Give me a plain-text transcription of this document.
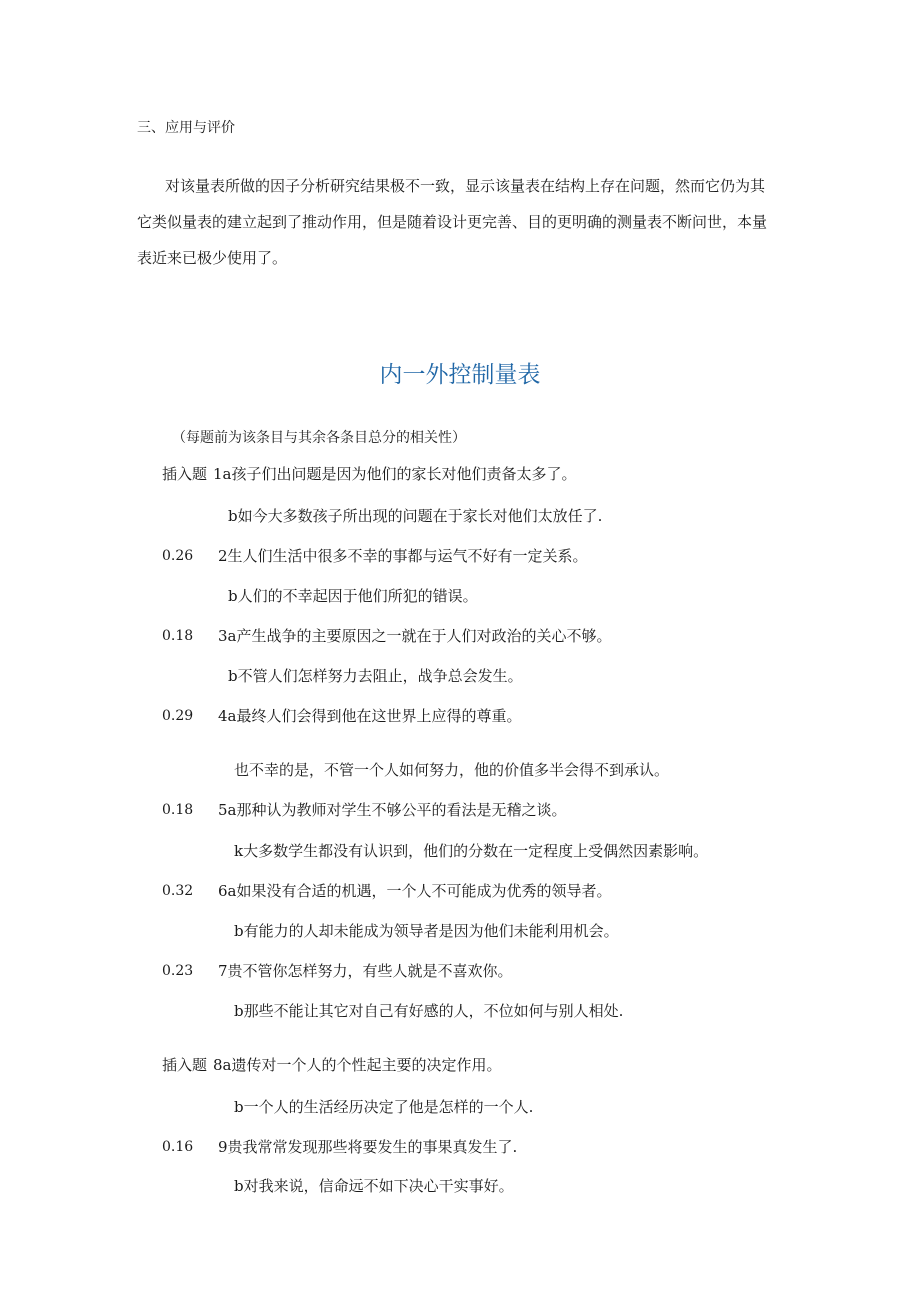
三、应用与评价
对该量表所做的因子分析研究结果极不一致，显示该量表在结构上存在问题，然而它仍为其
它类似量表的建立起到了推动作用，但是随着设计更完善、目的更明确的测量表不断问世，本量
表近来已极少使用了。
内一外控制量表
（每题前为该条目与其余各条目总分的相关性）
插入题 1a孩子们出问题是因为他们的家长对他们责备太多了。
b如今大多数孩子所出现的问题在于家长对他们太放任了.
0.26 2生人们生活中很多不幸的事都与运气不好有一定关系。
b人们的不幸起因于他们所犯的错误。
0.18 3a产生战争的主要原因之一就在于人们对政治的关心不够。
b不管人们怎样努力去阻止，战争总会发生。
0.29 4a最终人们会得到他在这世界上应得的尊重。
也不幸的是，不管一个人如何努力，他的价值多半会得不到承认。
0.18 5a那种认为教师对学生不够公平的看法是无稽之谈。
k大多数学生都没有认识到，他们的分数在一定程度上受偶然因素影响。
0.32 6a如果没有合适的机遇，一个人不可能成为优秀的领导者。
b有能力的人却未能成为领导者是因为他们未能利用机会。
0.23 7贵不管你怎样努力，有些人就是不喜欢你。
b那些不能让其它对自己有好感的人，不位如何与别人相处.
插入题 8a遗传对一个人的个性起主要的决定作用。
b一个人的生活经历决定了他是怎样的一个人.
0.16 9贵我常常发现那些将要发生的事果真发生了.
b对我来说，信命远不如下决心干实事好。
